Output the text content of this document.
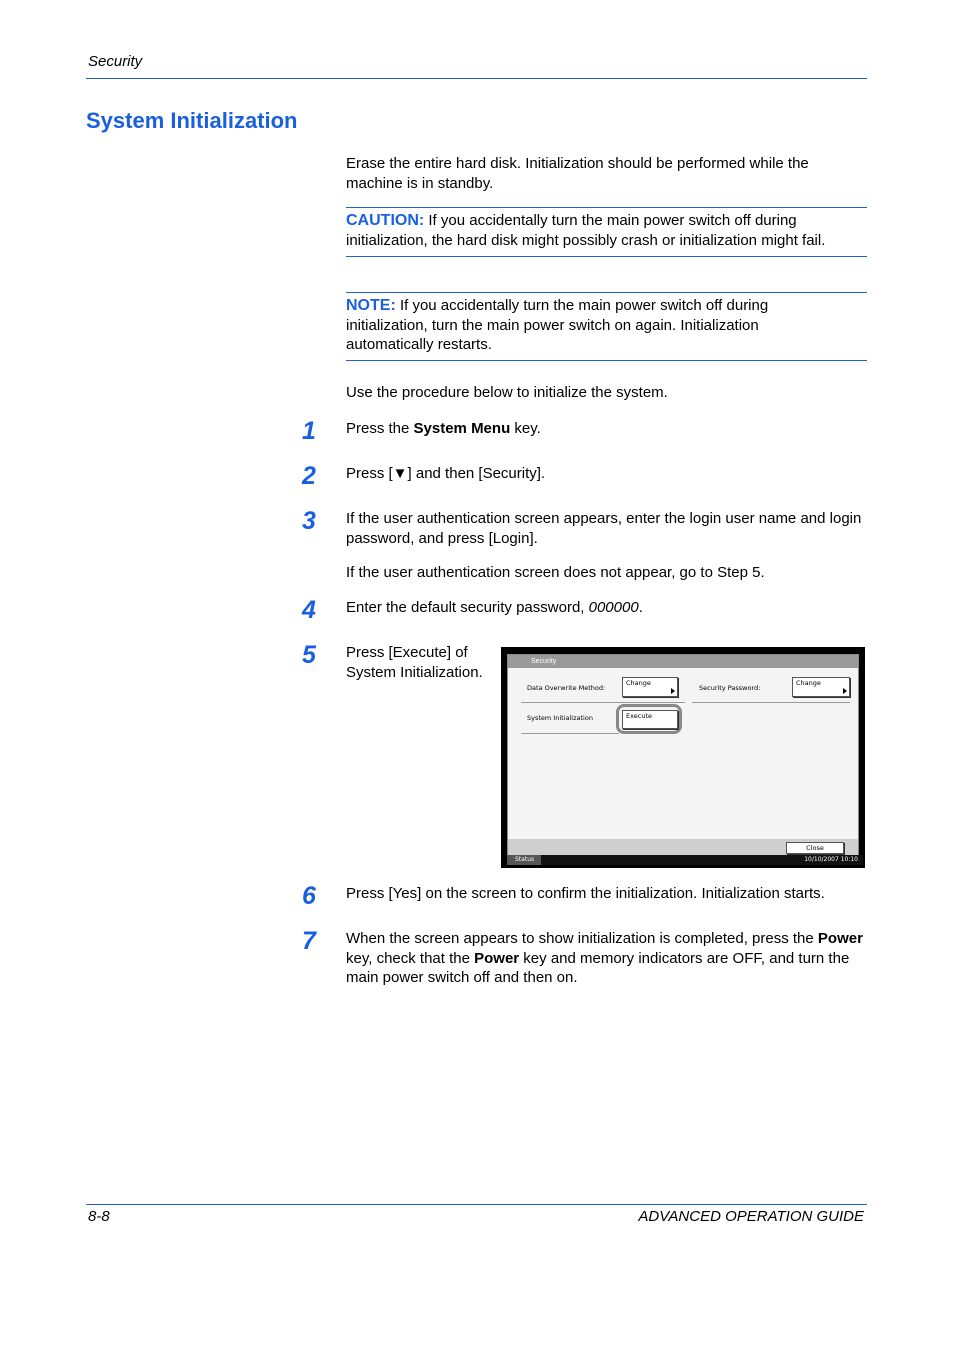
Security
System Initialization
Erase the entire hard disk. Initialization should be performed while the machine is in standby.
CAUTION: If you accidentally turn the main power switch off during initialization, the hard disk might possibly crash or initialization might fail.
NOTE: If you accidentally turn the main power switch off during initialization, turn the main power switch on again. Initialization automatically restarts.
Use the procedure below to initialize the system.
1 Press the System Menu key.
2 Press [▼] and then [Security].
3 If the user authentication screen appears, enter the login user name and login password, and press [Login].
If the user authentication screen does not appear, go to Step 5.
4 Enter the default security password, 000000.
5 Press [Execute] of System Initialization.
Security
Data Overwrite Method:
Change
Security Password:
Change
System Initialization	Execute
Close
Status	10/10/2007 10:10
6 Press [Yes] on the screen to confirm the initialization. Initialization starts.
7 When the screen appears to show initialization is completed, press the Power key, check that the Power key and memory indicators are OFF, and turn the main power switch off and then on.
8-8	ADVANCED OPERATION GUIDE
